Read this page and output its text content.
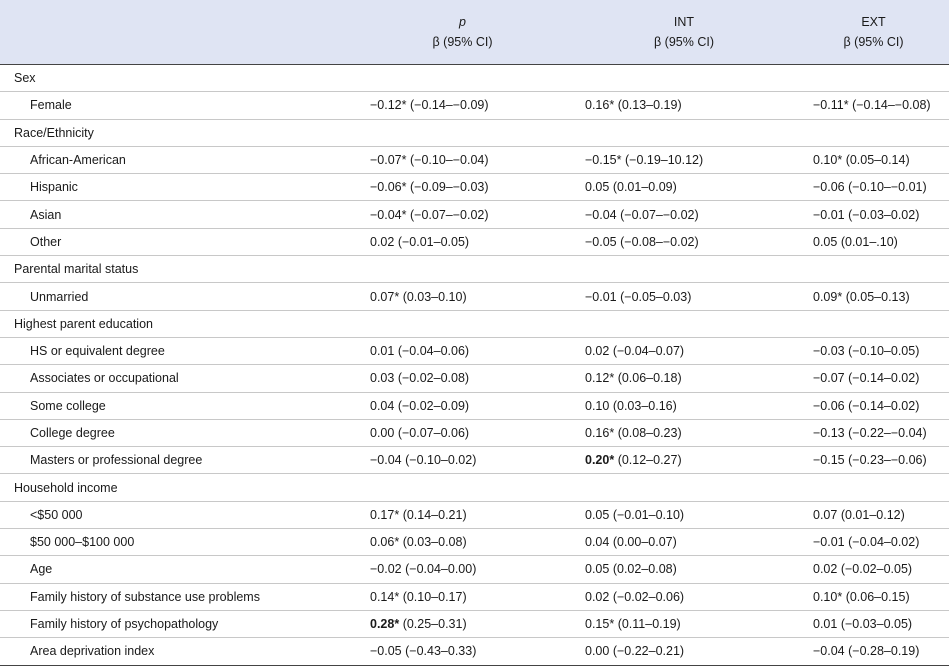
	p	INT	EXT
	β (95% CI)	β (95% CI)	β (95% CI)
Sex			
Female	−0.12* (−0.14–−0.09)	0.16* (0.13–0.19)	−0.11* (−0.14–−0.08)
Race/Ethnicity			
African-American	−0.07* (−0.10–−0.04)	−0.15* (−0.19–10.12)	0.10* (0.05–0.14)
Hispanic	−0.06* (−0.09–−0.03)	0.05 (0.01–0.09)	−0.06 (−0.10–−0.01)
Asian	−0.04* (−0.07–−0.02)	−0.04 (−0.07–−0.02)	−0.01 (−0.03–0.02)
Other	0.02 (−0.01–0.05)	−0.05 (−0.08–−0.02)	0.05 (0.01–.10)
Parental marital status			
Unmarried	0.07* (0.03–0.10)	−0.01 (−0.05–0.03)	0.09* (0.05–0.13)
Highest parent education			
HS or equivalent degree	0.01 (−0.04–0.06)	0.02 (−0.04–0.07)	−0.03 (−0.10–0.05)
Associates or occupational	0.03 (−0.02–0.08)	0.12* (0.06–0.18)	−0.07 (−0.14–0.02)
Some college	0.04 (−0.02–0.09)	0.10 (0.03–0.16)	−0.06 (−0.14–0.02)
College degree	0.00 (−0.07–0.06)	0.16* (0.08–0.23)	−0.13 (−0.22–−0.04)
Masters or professional degree	−0.04 (−0.10–0.02)	0.20* (0.12–0.27)	−0.15 (−0.23–−0.06)
Household income			
<$50 000	0.17* (0.14–0.21)	0.05 (−0.01–0.10)	0.07 (0.01–0.12)
$50 000–$100 000	0.06* (0.03–0.08)	0.04 (0.00–0.07)	−0.01 (−0.04–0.02)
Age	−0.02 (−0.04–0.00)	0.05 (0.02–0.08)	0.02 (−0.02–0.05)
Family history of substance use problems	0.14* (0.10–0.17)	0.02 (−0.02–0.06)	0.10* (0.06–0.15)
Family history of psychopathology	0.28* (0.25–0.31)	0.15* (0.11–0.19)	0.01 (−0.03–0.05)
Area deprivation index	−0.05 (−0.43–0.33)	0.00 (−0.22–0.21)	−0.04 (−0.28–0.19)
